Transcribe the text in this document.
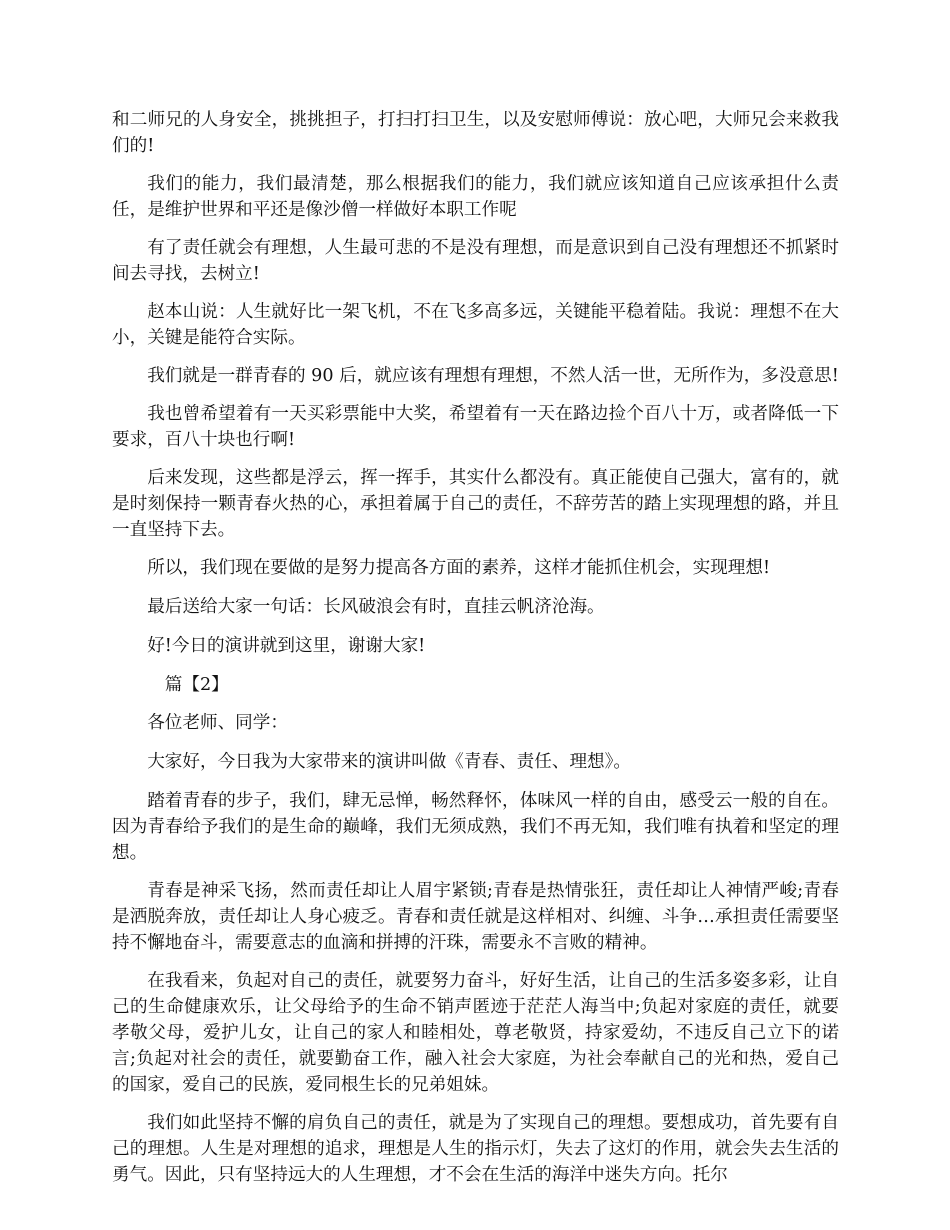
和二师兄的人身安全，挑挑担子，打扫打扫卫生，以及安慰师傅说：放心吧，大师兄会来救我们的!

我们的能力，我们最清楚，那么根据我们的能力，我们就应该知道自己应该承担什么责任，是维护世界和平还是像沙僧一样做好本职工作呢

有了责任就会有理想，人生最可悲的不是没有理想，而是意识到自己没有理想还不抓紧时间去寻找，去树立!

赵本山说：人生就好比一架飞机，不在飞多高多远，关键能平稳着陆。我说：理想不在大小，关键是能符合实际。

我们就是一群青春的 90 后，就应该有理想有理想，不然人活一世，无所作为，多没意思!

我也曾希望着有一天买彩票能中大奖，希望着有一天在路边捡个百八十万，或者降低一下要求，百八十块也行啊!

后来发现，这些都是浮云，挥一挥手，其实什么都没有。真正能使自己强大，富有的，就是时刻保持一颗青春火热的心，承担着属于自己的责任，不辞劳苦的踏上实现理想的路，并且一直坚持下去。

所以，我们现在要做的是努力提高各方面的素养，这样才能抓住机会，实现理想!

最后送给大家一句话：长风破浪会有时，直挂云帆济沧海。

好!今日的演讲就到这里，谢谢大家!

篇【2】

各位老师、同学：

大家好，今日我为大家带来的演讲叫做《青春、责任、理想》。

踏着青春的步子，我们，肆无忌惮，畅然释怀，体味风一样的自由，感受云一般的自在。因为青春给予我们的是生命的巅峰，我们无须成熟，我们不再无知，我们唯有执着和坚定的理想。

青春是神采飞扬，然而责任却让人眉宇紧锁;青春是热情张狂，责任却让人神情严峻;青春是洒脱奔放，责任却让人身心疲乏。青春和责任就是这样相对、纠缠、斗争…承担责任需要坚持不懈地奋斗，需要意志的血滴和拼搏的汗珠，需要永不言败的精神。

在我看来，负起对自己的责任，就要努力奋斗，好好生活，让自己的生活多姿多彩，让自己的生命健康欢乐，让父母给予的生命不销声匿迹于茫茫人海当中;负起对家庭的责任，就要孝敬父母，爱护儿女，让自己的家人和睦相处，尊老敬贤，持家爱幼，不违反自己立下的诺言;负起对社会的责任，就要勤奋工作，融入社会大家庭，为社会奉献自己的光和热，爱自己的国家，爱自己的民族，爱同根生长的兄弟姐妹。

我们如此坚持不懈的肩负自己的责任，就是为了实现自己的理想。要想成功，首先要有自己的理想。人生是对理想的追求，理想是人生的指示灯，失去了这灯的作用，就会失去生活的勇气。因此，只有坚持远大的人生理想，才不会在生活的海洋中迷失方向。托尔
